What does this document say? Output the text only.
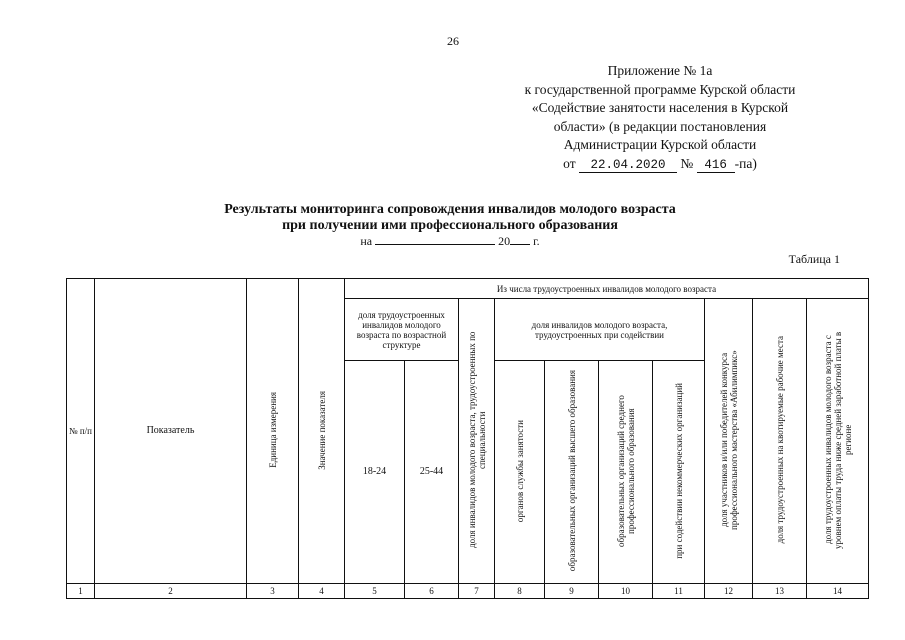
26
Приложение № 1а
к государственной программе Курской области
«Содействие занятости населения в Курской
области» (в редакции постановления
Администрации Курской области
от 22.04.2020 № 416 -па)
Результаты мониторинга сопровождения инвалидов молодого возраста
при получении ими профессионального образования
на	20 г.
Таблица 1
№ п/п	Показатель	Единица измерения	Значение показателя	Из числа трудоустроенных инвалидов молодого возраста									
				доля трудоустроенных инвалидов молодого возраста по возрастной структуре		доля инвалидов молодого возраста, трудоустроенных по специальности	доля инвалидов молодого возраста, трудоустроенных при содействии				доля участников и/или победителей конкурса профессионального мастерства «Абилимпикс»	доля трудоустроенных на квотируемые рабочие места	доля трудоустроенных инвалидов молодого возраста с уровнем оплаты труда ниже средней заработной платы в регионе
				18-24	25-44		органов службы занятости	образовательных организаций высшего образования	образовательных организаций среднего профессионального образования	при содействии некоммерческих организаций			
1	2	3	4	5	6	7	8	9	10	11	12	13	14
